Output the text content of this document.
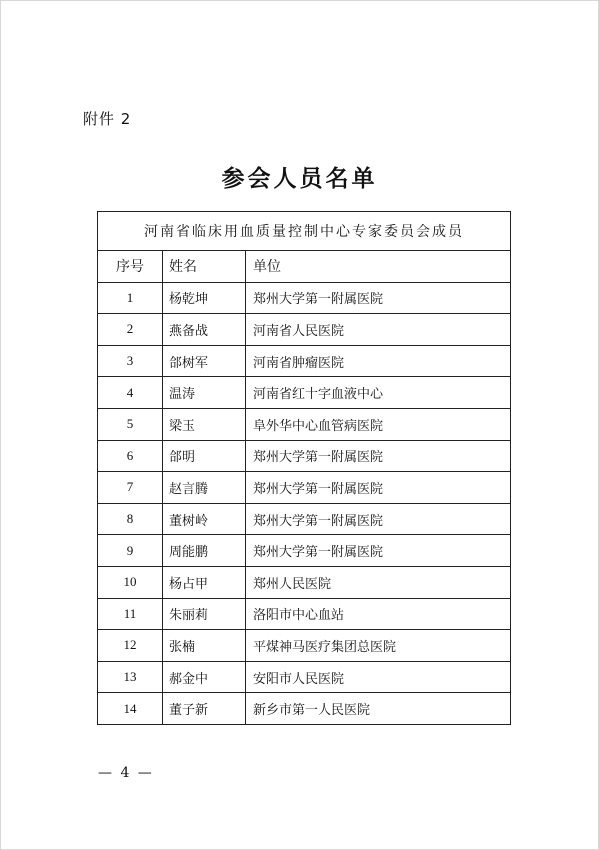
附件 2
参会人员名单
河南省临床用血质量控制中心专家委员会成员		
序号	姓名	单位
1	杨乾坤	郑州大学第一附属医院
2	燕备战	河南省人民医院
3	郃树军	河南省肿瘤医院
4	温涛	河南省红十字血液中心
5	梁玉	阜外华中心血管病医院
6	郃明	郑州大学第一附属医院
7	赵言腾	郑州大学第一附属医院
8	董树岭	郑州大学第一附属医院
9	周能鹏	郑州大学第一附属医院
10	杨占甲	郑州人民医院
11	朱丽莉	洛阳市中心血站
12	张楠	平煤神马医疗集团总医院
13	郝金中	安阳市人民医院
14	董子新	新乡市第一人民医院
— 4 —
